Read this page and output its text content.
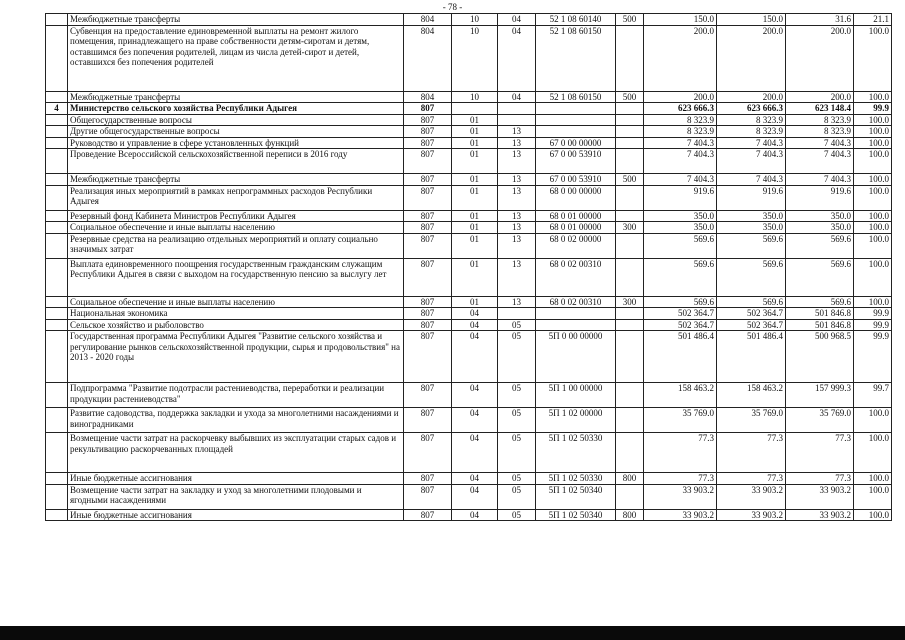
- 78 -
	Межбюджетные трансферты	804	10	04	52 1 08 60140	500	150.0	150.0	31.6	21.1
	Субвенция на предоставление единовременной выплаты на ремонт жилого помещения, принадлежащего на праве собственности детям-сиротам и детям, оставшимся без попечения родителей, лицам из числа детей-сирот и детей, оставшихся без попечения родителей	804	10	04	52 1 08 60150		200.0	200.0	200.0	100.0
	Межбюджетные трансферты	804	10	04	52 1 08 60150	500	200.0	200.0	200.0	100.0
4	Министерство сельского хозяйства Республики Адыгея	807					623 666.3	623 666.3	623 148.4	99.9
	Общегосударственные вопросы	807	01				8 323.9	8 323.9	8 323.9	100.0
	Другие общегосударственные вопросы	807	01	13			8 323.9	8 323.9	8 323.9	100.0
	Руководство и управление в сфере установленных функций	807	01	13	67 0 00 00000		7 404.3	7 404.3	7 404.3	100.0
	Проведение Всероссийской сельскохозяйственной переписи в 2016 году	807	01	13	67 0 00 53910		7 404.3	7 404.3	7 404.3	100.0
	Межбюджетные трансферты	807	01	13	67 0 00 53910	500	7 404.3	7 404.3	7 404.3	100.0
	Реализация иных мероприятий в рамках непрограммных расходов Республики Адыгея	807	01	13	68 0 00 00000		919.6	919.6	919.6	100.0
	Резервный фонд Кабинета Министров Республики Адыгея	807	01	13	68 0 01 00000		350.0	350.0	350.0	100.0
	Социальное обеспечение и иные выплаты населению	807	01	13	68 0 01 00000	300	350.0	350.0	350.0	100.0
	Резервные средства на реализацию отдельных мероприятий и оплату социально значимых затрат	807	01	13	68 0 02 00000		569.6	569.6	569.6	100.0
	Выплата единовременного поощрения государственным гражданским служащим Республики Адыгея в связи с выходом на государственную пенсию за выслугу лет	807	01	13	68 0 02 00310		569.6	569.6	569.6	100.0
	Социальное обеспечение и иные выплаты населению	807	01	13	68 0 02 00310	300	569.6	569.6	569.6	100.0
	Национальная экономика	807	04				502 364.7	502 364.7	501 846.8	99.9
	Сельское хозяйство и рыболовство	807	04	05			502 364.7	502 364.7	501 846.8	99.9
	Государственная программа Республики Адыгея "Развитие сельского хозяйства и регулирование рынков сельскохозяйственной продукции, сырья и продовольствия" на 2013 - 2020 годы	807	04	05	5П 0 00 00000		501 486.4	501 486.4	500 968.5	99.9
	Подпрограмма "Развитие подотрасли растениеводства, переработки и реализации продукции растениеводства"	807	04	05	5П 1 00 00000		158 463.2	158 463.2	157 999.3	99.7
	Развитие садоводства, поддержка закладки и ухода за многолетними насаждениями и виноградниками	807	04	05	5П 1 02 00000		35 769.0	35 769.0	35 769.0	100.0
	Возмещение части затрат на раскорчевку выбывших из эксплуатации старых садов и рекультивацию раскорчеванных площадей	807	04	05	5П 1 02 50330		77.3	77.3	77.3	100.0
	Иные бюджетные ассигнования	807	04	05	5П 1 02 50330	800	77.3	77.3	77.3	100.0
	Возмещение части затрат на закладку и уход за многолетними плодовыми и ягодными насаждениями	807	04	05	5П 1 02 50340		33 903.2	33 903.2	33 903.2	100.0
	Иные бюджетные ассигнования	807	04	05	5П 1 02 50340	800	33 903.2	33 903.2	33 903.2	100.0
